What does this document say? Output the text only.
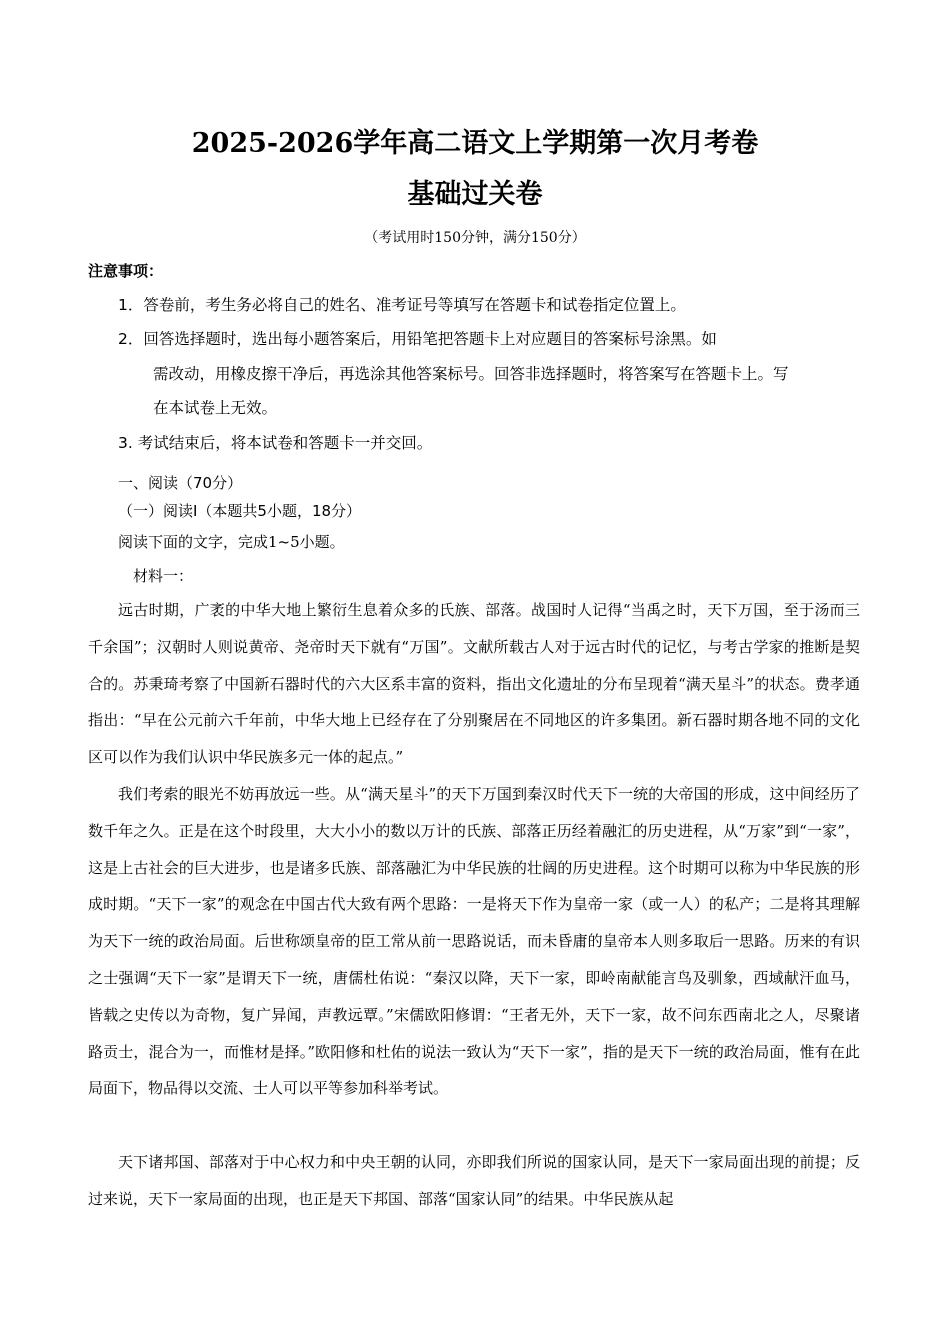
2025-2026学年高二语文上学期第一次月考卷
基础过关卷
（考试用时150分钟，满分150分）
注意事项：
1．答卷前，考生务必将自己的姓名、准考证号等填写在答题卡和试卷指定位置上。
2．回答选择题时，选出每小题答案后，用铅笔把答题卡上对应题目的答案标号涂黑。如
需改动，用橡皮擦干净后，再选涂其他答案标号。回答非选择题时，将答案写在答题卡上。写
在本试卷上无效。
3. 考试结束后，将本试卷和答题卡一并交回。
一、阅读（70分）
（一）阅读Ⅰ（本题共5小题，18分）
阅读下面的文字，完成1~5小题。
材料一：

远古时期，广袤的中华大地上繁衍生息着众多的氏族、部落。战国时人记得“当禹之时，天下万国，至于汤而三千余国”；汉朝时人则说黄帝、尧帝时天下就有“万国”。文献所载古人对于远古时代的记忆，与考古学家的推断是契合的。苏秉琦考察了中国新石器时代的六大区系丰富的资料，指出文化遗址的分布呈现着“满天星斗”的状态。费孝通指出：“早在公元前六千年前，中华大地上已经存在了分别聚居在不同地区的许多集团。新石器时期各地不同的文化区可以作为我们认识中华民族多元一体的起点。”

我们考索的眼光不妨再放远一些。从“满天星斗”的天下万国到秦汉时代天下一统的大帝国的形成，这中间经历了数千年之久。正是在这个时段里，大大小小的数以万计的氏族、部落正历经着融汇的历史进程，从“万家”到“一家”，这是上古社会的巨大进步，也是诸多氏族、部落融汇为中华民族的壮阔的历史进程。这个时期可以称为中华民族的形成时期。“天下一家”的观念在中国古代大致有两个思路：一是将天下作为皇帝一家（或一人）的私产；二是将其理解为天下一统的政治局面。后世称颂皇帝的臣工常从前一思路说话，而未昏庸的皇帝本人则多取后一思路。历来的有识之士强调“天下一家”是谓天下一统，唐儒杜佑说：“秦汉以降，天下一家，即岭南献能言鸟及驯象，西域献汗血马，皆载之史传以为奇物，复广异闻，声教远覃。”宋儒欧阳修谓：“王者无外，天下一家，故不问东西南北之人，尽聚诸路贡士，混合为一，而惟材是择。”欧阳修和杜佑的说法一致认为“天下一家”，指的是天下一统的政治局面，惟有在此局面下，物品得以交流、士人可以平等参加科举考试。

天下诸邦国、部落对于中心权力和中央王朝的认同，亦即我们所说的国家认同，是天下一家局面出现的前提；反过来说，天下一家局面的出现，也正是天下邦国、部落“国家认同”的结果。中华民族从起
